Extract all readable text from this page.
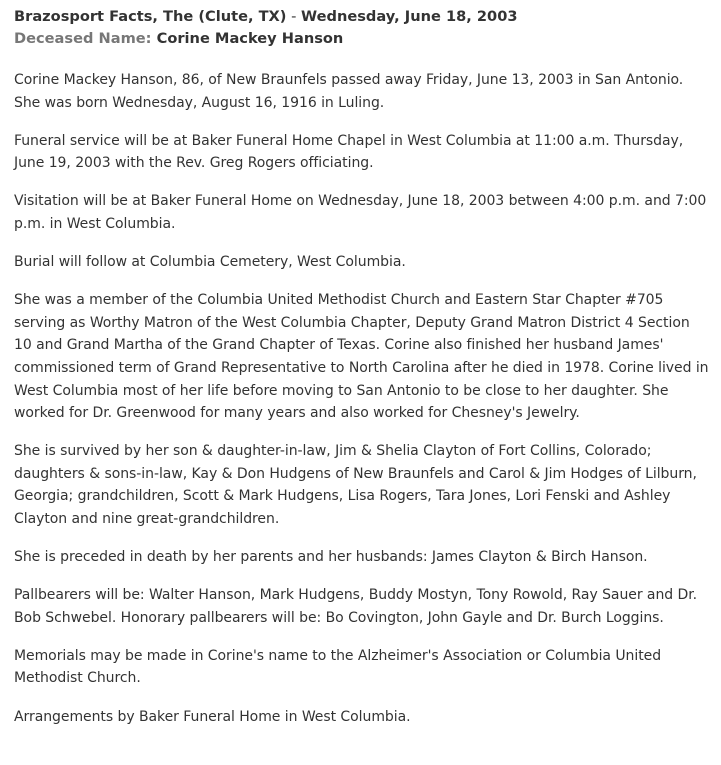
Brazosport Facts, The (Clute, TX) - Wednesday, June 18, 2003
Deceased Name: Corine Mackey Hanson

Corine Mackey Hanson, 86, of New Braunfels passed away Friday, June 13, 2003 in San Antonio. She was born Wednesday, August 16, 1916 in Luling.

Funeral service will be at Baker Funeral Home Chapel in West Columbia at 11:00 a.m. Thursday, June 19, 2003 with the Rev. Greg Rogers officiating.

Visitation will be at Baker Funeral Home on Wednesday, June 18, 2003 between 4:00 p.m. and 7:00 p.m. in West Columbia.

Burial will follow at Columbia Cemetery, West Columbia.

She was a member of the Columbia United Methodist Church and Eastern Star Chapter #705 serving as Worthy Matron of the West Columbia Chapter, Deputy Grand Matron District 4 Section 10 and Grand Martha of the Grand Chapter of Texas. Corine also finished her husband James' commissioned term of Grand Representative to North Carolina after he died in 1978. Corine lived in West Columbia most of her life before moving to San Antonio to be close to her daughter. She worked for Dr. Greenwood for many years and also worked for Chesney's Jewelry.

She is survived by her son & daughter-in-law, Jim & Shelia Clayton of Fort Collins, Colorado; daughters & sons-in-law, Kay & Don Hudgens of New Braunfels and Carol & Jim Hodges of Lilburn, Georgia; grandchildren, Scott & Mark Hudgens, Lisa Rogers, Tara Jones, Lori Fenski and Ashley Clayton and nine great-grandchildren.

She is preceded in death by her parents and her husbands: James Clayton & Birch Hanson.

Pallbearers will be: Walter Hanson, Mark Hudgens, Buddy Mostyn, Tony Rowold, Ray Sauer and Dr. Bob Schwebel. Honorary pallbearers will be: Bo Covington, John Gayle and Dr. Burch Loggins.

Memorials may be made in Corine's name to the Alzheimer's Association or Columbia United Methodist Church.

Arrangements by Baker Funeral Home in West Columbia.
